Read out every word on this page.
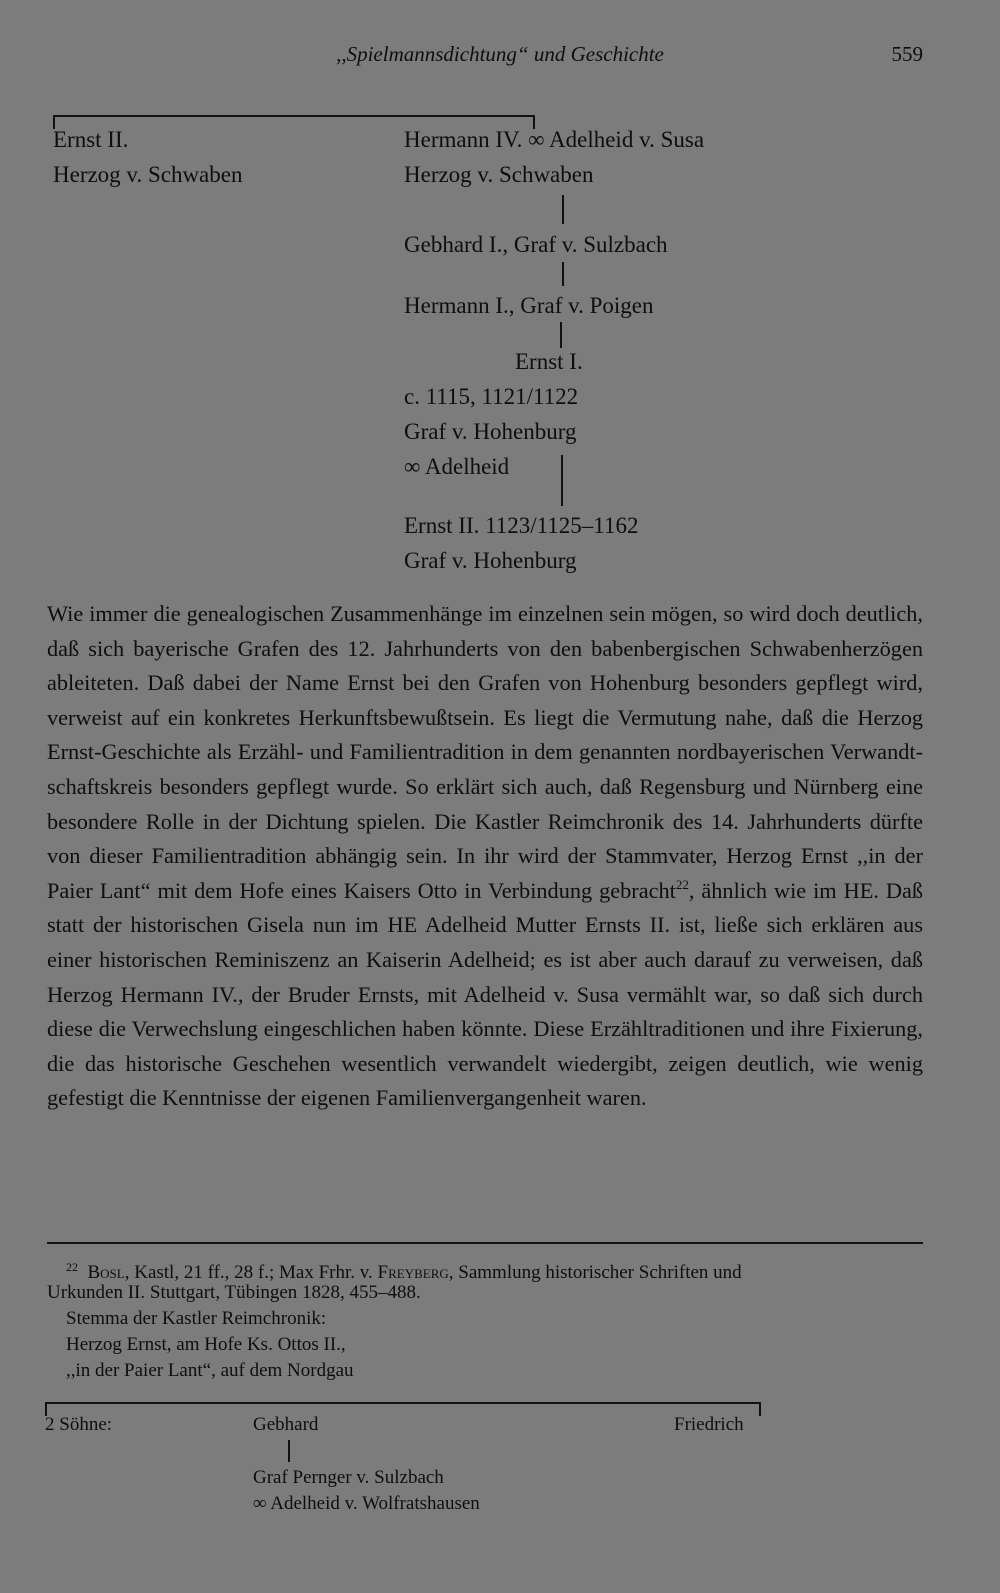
,,Spielmannsdichtung“ und Geschichte	559
Ernst II.
Herzog v. Schwaben
Hermann IV. ∞ Adelheid v. Susa
Herzog v. Schwaben
Gebhard I., Graf v. Sulzbach
Hermann I., Graf v. Poigen
Ernst I.
c. 1115, 1121/1122
Graf v. Hohenburg
∞ Adelheid
Ernst II. 1123/1125–1162
Graf v. Hohenburg
Wie immer die genealogischen Zusammenhänge im einzelnen sein mögen, so wird doch deutlich, daß sich bayerische Grafen des 12. Jahrhunderts von den babenbergischen Schwabenherzögen ableiteten. Daß dabei der Name Ernst bei den Grafen von Hohenburg besonders gepflegt wird, verweist auf ein konkretes Herkunftsbewußtsein. Es liegt die Vermutung nahe, daß die Herzog Ernst-Geschichte als Erzähl- und Familientradition in dem genannten nordbayerischen Verwandtschaftskreis besonders gepflegt wurde. So erklärt sich auch, daß Regensburg und Nürnberg eine besondere Rolle in der Dichtung spielen. Die Kastler Reimchronik des 14. Jahrhunderts dürfte von dieser Familientradition abhängig sein. In ihr wird der Stammvater, Herzog Ernst ,,in der Paier Lant“ mit dem Hofe eines Kaisers Otto in Verbindung gebracht$^{22}$, ähnlich wie im HE. Daß statt der historischen Gisela nun im HE Adelheid Mutter Ernsts II. ist, ließe sich erklären aus einer historischen Reminiszenz an Kaiserin Adelheid; es ist aber auch darauf zu verweisen, daß Herzog Hermann IV., der Bruder Ernsts, mit Adelheid v. Susa vermählt war, so daß sich durch diese die Verwechslung eingeschlichen haben könnte. Diese Erzähltraditionen und ihre Fixierung, die das historische Geschehen wesentlich verwandelt wiedergibt, zeigen deutlich, wie wenig gefestigt die Kenntnisse der eigenen Familienvergangenheit waren.
$^{22}$ Bosl, Kastl, 21 ff., 28 f.; Max Frhr. v. Freyberg, Sammlung historischer Schriften und
Urkunden II. Stuttgart, Tübingen 1828, 455–488.
Stemma der Kastler Reimchronik:
Herzog Ernst, am Hofe Ks. Ottos II.,
,,in der Paier Lant“, auf dem Nordgau
2 Söhne:	Gebhard	Friedrich
Graf Pernger v. Sulzbach
∞ Adelheid v. Wolfratshausen
